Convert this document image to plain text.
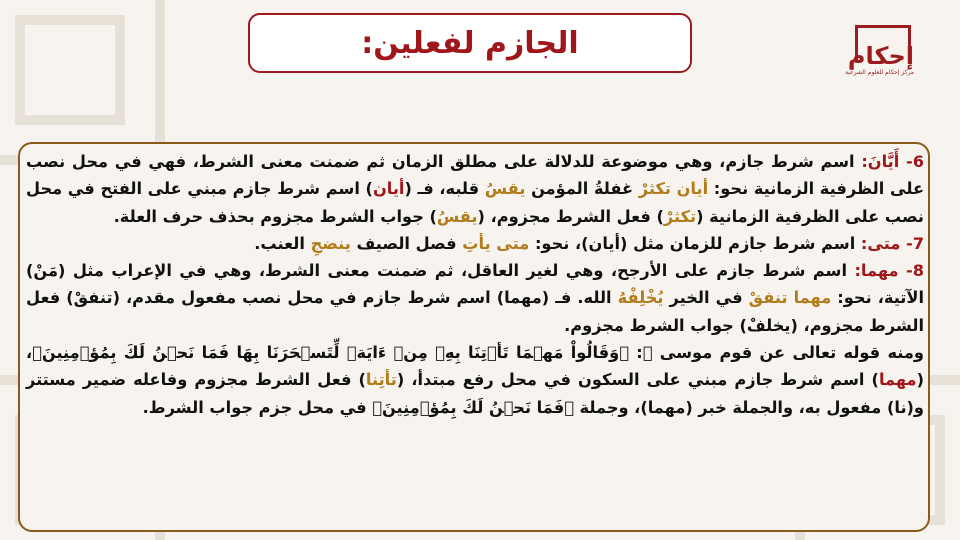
الجازم لفعلين:	إحكام
مركز إحكام للعلوم الشرعية

6- أَيَّانَ: اسم شرط جازم، وهي موضوعة للدلالة على مطلق الزمان ثم ضمنت معنى الشرط، فهي في محل نصب على الظرفية الزمانية نحو: أيان تكثرْ غفلةُ المؤمن يقسُ قلبه، فـ (أيان) اسم شرط جازم مبني على الفتح في محل نصب على الظرفية الزمانية (تكثرْ) فعل الشرط مجزوم، (يقسُ) جواب الشرط مجزوم بحذف حرف العلة.

7- متى: اسم شرط جازم للزمان مثل (أيان)، نحو: متى يأتِ فصل الصيف ينضجِ العنب.

8- مهما: اسم شرط جازم على الأرجح، وهي لغير العاقل، ثم ضمنت معنى الشرط، وهي في الإعراب مثل (مَنْ) الآتية، نحو: مهما تنفقْ في الخير يُخْلِفْهُ الله. فـ (مهما) اسم شرط جازم في محل نصب مفعول مقدم، (تنفقْ) فعل الشرط مجزوم، (يخلفْ) جواب الشرط مجزوم.

ومنه قوله تعالى عن قوم موسى ﷺ: ﴿وَقَالُواْ مَهۡمَا تَأۡتِنَا بِهِۦ مِنۡ ءَايَةٖ لِّتَسۡحَرَنَا بِهَا فَمَا نَحۡنُ لَكَ بِمُؤۡمِنِينَ﴾، (مهما) اسم شرط جازم مبني على السكون في محل رفع مبتدأ، (تأتِنا) فعل الشرط مجزوم وفاعله ضمير مستتر و(نا) مفعول به، والجملة خبر (مهما)، وجملة ﴿فَمَا نَحۡنُ لَكَ بِمُؤۡمِنِينَ﴾ في محل جزم جواب الشرط.
